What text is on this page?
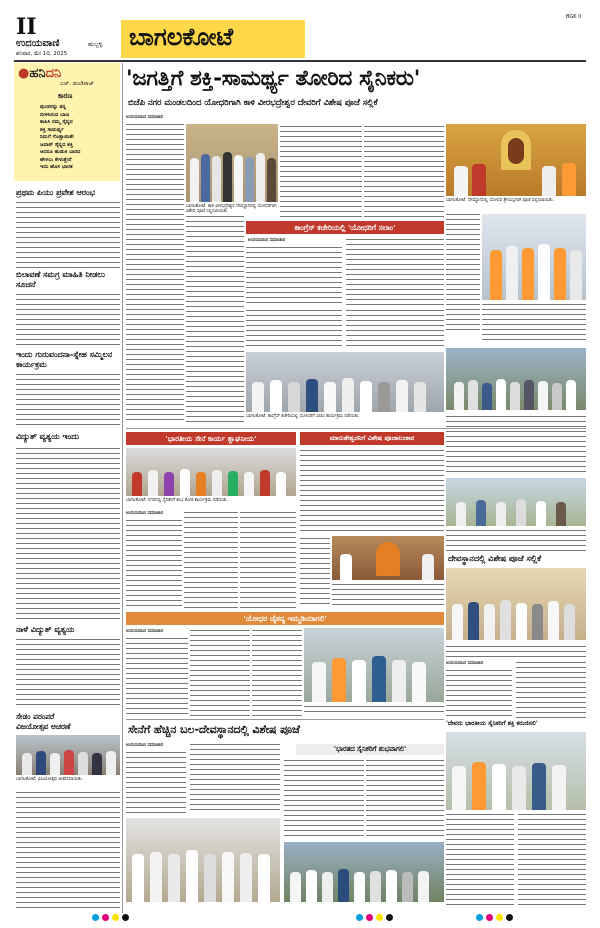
II
ಉದಯವಾಣಿ	ಹುಬ್ಬಳ್ಳಿ
ಶನಿವಾರ, ಮೇ 10, 2025
ಬಾಗಲಕೋಟೆ
BGK II
●ಹನಿದನಿ
ಎಚ್. ಡುಂಡಿರಾಜ್
ಕಾರಣ
ಪುಂಡರನ್ನು ತನ್ನ
ಬೀಳಿಸಿರುವ ಬಾಣ
ಕಾಪಿಸಿ ನಮ್ಮ ಸೈನ್ಯದ
ಶಕ್ತಿ ಸಾಮರ್ಥ್ಯ
ನಿಮಗೆ ಗೊತ್ತಾಯಿತೇ
ಜವಾನ್ ಸೈನ್ಯದ ಶಕ್ತಿ
ಆದರೂ ಹುಡುಕಿ ಬಾರದ
ಹೇಳಲು ಕೇಳುತ್ತೇನೆ
ಇದು ಹೊಸ ಭಾರತ
ಪ್ರಥಮ ಪಿಯು ಪ್ರವೇಶ ಆರಂಭ
ಬಿಲಾವಣೆ ಸಮಗ್ರ ಮಾಹಿತಿ ನೀಡಲು ಸೂಚನೆ
ಇಂದು ಗುರುವಂದನಾ-ಸ್ನೇಹ ಸಮ್ಮಿಲನ ಕಾರ್ಯಕ್ರಮ
ವಿದ್ಯುತ್ ವ್ಯತ್ಯಯ ಇಂದು
ನಾಳೆ ವಿದ್ಯುತ್ ವ್ಯತ್ಯಯ
ಸೇಡಂ ಪರಂಪರೆ
ವಿಜಯೋತ್ಸವ ಆಚರಣೆ
ಬಾಗಲಕೋಟೆ: ವಿಜಯೋತ್ಸವ ಆಚರಿಸಲಾಯಿತು.
'ಜಗತ್ತಿಗೆ ಶಕ್ತಿ-ಸಾಮರ್ಥ್ಯ ತೋರಿದ ಸೈನಿಕರು'
ಬಿಜೆಪಿ ನಗರ ಮಂಡಲದಿಂದ ಯೋಧರಿಗಾಗಿ ಕಾಳಿ ವೀರಭದ್ರೇಶ್ವರ ದೇವರಿಗೆ ವಿಶೇಷ ಪೂಜೆ ಸಲ್ಲಿಕೆ
ಉದಯವಾಣಿ ಸಮಾಚಾರ
ಬಾಗಲಕೋಟೆ: ಕಾಳಿ ವೀರಭದ್ರೇಶ್ವರ ದೇವಸ್ಥಾನದಲ್ಲಿ ಯೋಧರಿಗಾಗಿ ವಿಶೇಷ ಪೂಜೆ ಸಲ್ಲಿಸಲಾಯಿತು.
ಬಾಗಲಕೋಟೆ: ದೇವಸ್ಥಾನದಲ್ಲಿ ಯೋಧರ ಶ್ರೇಯಸ್ಸಿಗಾಗಿ ಪೂಜೆ ಸಲ್ಲಿಸಲಾಯಿತು.
ದೇವಸ್ಥಾನದಲ್ಲಿ ವಿಶೇಷ ಪೂಜೆ ಸಲ್ಲಿಕೆ
ಉದಯವಾಣಿ ಸಮಾಚಾರ
'ದೇವರು ಭಾರತೀಯ ಸೈನಿಕರಿಗೆ ಶಕ್ತಿ ಕರುಣಿಸಲಿ'
ಕಾಂಗ್ರೆಸ್ ಕಚೇರಿಯಲ್ಲಿ 'ಯೋಧರಿಗೆ ಸಲಾಂ'
ಉದಯವಾಣಿ ಸಮಾಚಾರ
ಬಾಗಲಕೋಟೆ: ಕಾಂಗ್ರೆಸ್ ಕಚೇರಿಯಲ್ಲಿ ಯೋಧರಿಗೆ ಸಲಾಂ ಕಾರ್ಯಕ್ರಮ ನಡೆಯಿತು.
'ಭಾರತೀಯ ಸೇನೆ ಕಾರ್ಯ ಶ್ಲಾಘನೀಯ'
ಬಾಗಲಕೋಟೆ: ನಗರದಲ್ಲಿ ಸೈನಿಕರಿಗೆ ಶುಭ ಕೋರಿ ಕಾರ್ಯಕ್ರಮ ನಡೆಯಿತು.
ಉದಯವಾಣಿ ಸಮಾಚಾರ
ಮಾರುತೇಶ್ವರನಿಗೆ ವಿಶೇಷ ಪೂಜಾಲಂಕಾರ
'ಯೋಧರ ಚೈತನ್ಯ ಇಮ್ಮಡಿಯಾಗಲಿ'
ಉದಯವಾಣಿ ಸಮಾಚಾರ
ಸೇನೆಗೆ ಹೆಚ್ಚಿನ ಬಲ-ದೇವಸ್ಥಾನದಲ್ಲಿ ವಿಶೇಷ ಪೂಜೆ
ಉದಯವಾಣಿ ಸಮಾಚಾರ	'ಭಾರತದ ಸೈನಿಕರಿಗೆ ಶುಭವಾಗಲಿ'
